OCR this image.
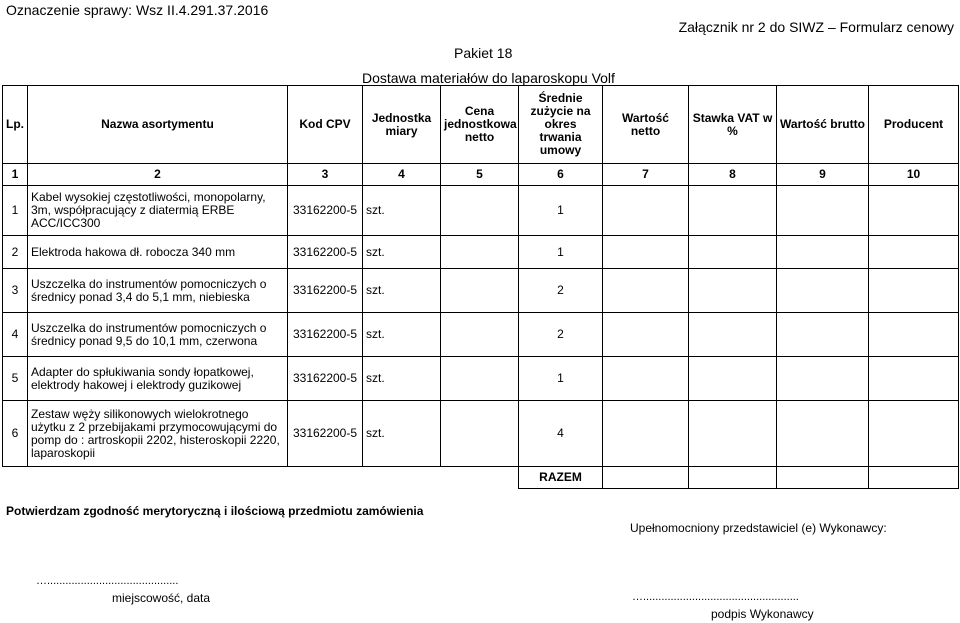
Oznaczenie sprawy: Wsz II.4.291.37.2016
Załącznik nr 2 do SIWZ – Formularz cenowy
Pakiet 18
Dostawa materiałów do laparoskopu Volf
Lp.	Nazwa asortymentu	Kod CPV	Jednostka miary	Cena jednostkowa netto	Średnie zużycie na okres trwania umowy	Wartość netto	Stawka VAT w %	Wartość brutto	Producent
1	2	3	4	5	6	7	8	9	10
1	Kabel wysokiej częstotliwości, monopolarny, 3m, współpracujący z diatermią ERBE ACC/ICC300	33162200-5	szt.		1				
2	Elektroda hakowa dł. robocza 340 mm	33162200-5	szt.		1				
3	Uszczelka do instrumentów pomocniczych o średnicy ponad 3,4 do 5,1 mm, niebieska	33162200-5	szt.		2				
4	Uszczelka do instrumentów pomocniczych o średnicy ponad 9,5 do 10,1 mm, czerwona	33162200-5	szt.		2				
5	Adapter do spłukiwania sondy łopatkowej, elektrody hakowej i elektrody guzikowej	33162200-5	szt.		1				
6	Zestaw węży silikonowych wielokrotnego użytku z 2 przebijakami przymocowującymi do pomp do : artroskopii 2202, histeroskopii 2220, laparoskopii	33162200-5	szt.		4				
					RAZEM				
Potwierdzam zgodność merytoryczną i ilościową przedmiotu zamówienia
Upełnomocniony przedstawiciel (e) Wykonawcy:
…...........................................
miejscowość, data	…...................................................
podpis Wykonawcy
